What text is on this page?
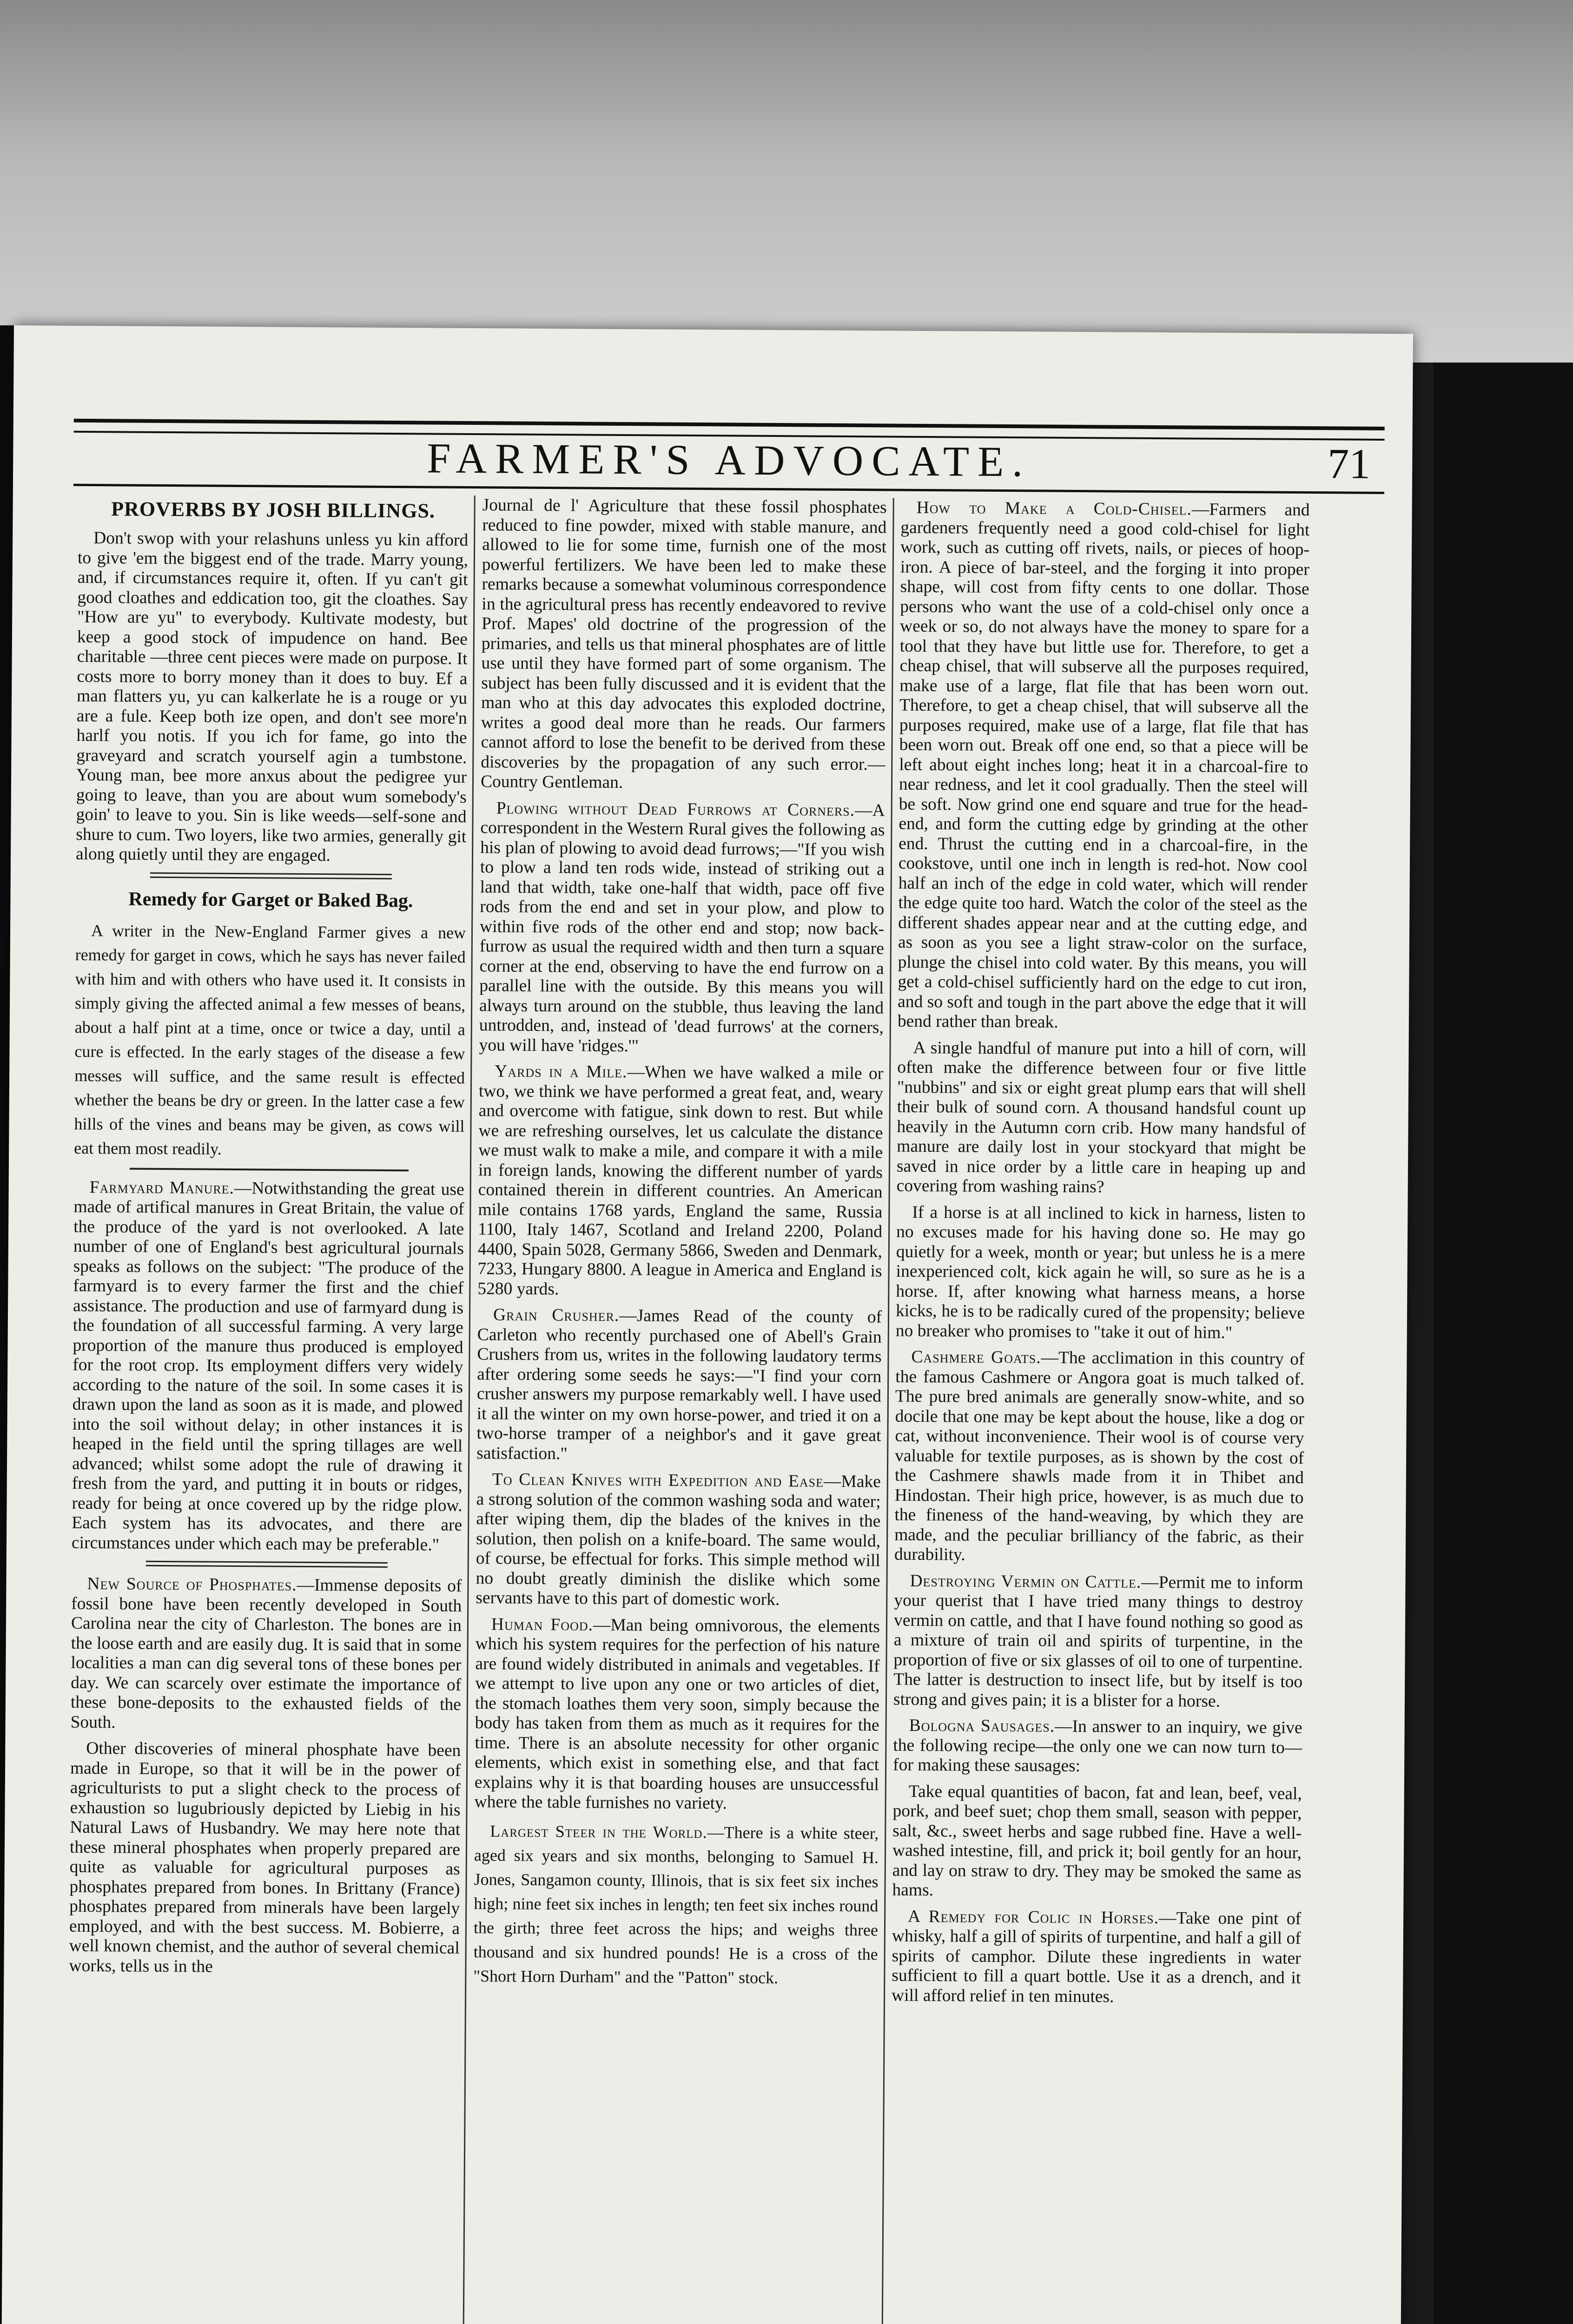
FARMER'S ADVOCATE.	71
PROVERBS BY JOSH BILLINGS.

Don't swop with your relashuns unless yu kin afford to give 'em the biggest end of the trade. Marry young, and, if circumstances require it, often. If yu can't git good cloathes and eddication too, git the cloathes. Say "How are yu" to everybody. Kultivate modesty, but keep a good stock of impudence on hand. Bee charitable —three cent pieces were made on purpose. It costs more to borry money than it does to buy. Ef a man flatters yu, yu can kalkerlate he is a rouge or yu are a fule. Keep both ize open, and don't see more'n harlf you notis. If you ich for fame, go into the graveyard and scratch yourself agin a tumbstone. Young man, bee more anxus about the pedigree yur going to leave, than you are about wum somebody's goin' to leave to you. Sin is like weeds—self-sone and shure to cum. Two loyers, like two armies, generally git along quietly until they are engaged.

Remedy for Garget or Baked Bag.

A writer in the New-England Farmer gives a new remedy for garget in cows, which he says has never failed with him and with others who have used it. It consists in simply giving the affected animal a few messes of beans, about a half pint at a time, once or twice a day, until a cure is effected. In the early stages of the disease a few messes will suffice, and the same result is effected whether the beans be dry or green. In the latter case a few hills of the vines and beans may be given, as cows will eat them most readily.

Farmyard Manure.—Notwithstanding the great use made of artifical manures in Great Britain, the value of the produce of the yard is not overlooked. A late number of one of England's best agricultural journals speaks as follows on the subject: "The produce of the farmyard is to every farmer the first and the chief assistance. The production and use of farmyard dung is the foundation of all successful farming. A very large proportion of the manure thus produced is employed for the root crop. Its employment differs very widely according to the nature of the soil. In some cases it is drawn upon the land as soon as it is made, and plowed into the soil without delay; in other instances it is heaped in the field until the spring tillages are well advanced; whilst some adopt the rule of drawing it fresh from the yard, and putting it in bouts or ridges, ready for being at once covered up by the ridge plow. Each system has its advocates, and there are circumstances under which each may be preferable."

New Source of Phosphates.—Immense deposits of fossil bone have been recently developed in South Carolina near the city of Charleston. The bones are in the loose earth and are easily dug. It is said that in some localities a man can dig several tons of these bones per day. We can scarcely over estimate the importance of these bone-deposits to the exhausted fields of the South.

Other discoveries of mineral phosphate have been made in Europe, so that it will be in the power of agriculturists to put a slight check to the process of exhaustion so lugubriously depicted by Liebig in his Natural Laws of Husbandry. We may here note that these mineral phosphates when properly prepared are quite as valuable for agricultural purposes as phosphates prepared from bones. In Brittany (France) phosphates prepared from minerals have been largely employed, and with the best success. M. Bobierre, a well known chemist, and the author of several chemical works, tells us in the

Journal de l' Agriculture that these fossil phosphates reduced to fine powder, mixed with stable manure, and allowed to lie for some time, furnish one of the most powerful fertilizers. We have been led to make these remarks because a somewhat voluminous correspondence in the agricultural press has recently endeavored to revive Prof. Mapes' old doctrine of the progression of the primaries, and tells us that mineral phosphates are of little use until they have formed part of some organism. The subject has been fully discussed and it is evident that the man who at this day advocates this exploded doctrine, writes a good deal more than he reads. Our farmers cannot afford to lose the benefit to be derived from these discoveries by the propagation of any such error.—Country Gentleman.

Plowing without Dead Furrows at Corners.—A correspondent in the Western Rural gives the following as his plan of plowing to avoid dead furrows;—"If you wish to plow a land ten rods wide, instead of striking out a land that width, take one-half that width, pace off five rods from the end and set in your plow, and plow to within five rods of the other end and stop; now back-furrow as usual the required width and then turn a square corner at the end, observing to have the end furrow on a parallel line with the outside. By this means you will always turn around on the stubble, thus leaving the land untrodden, and, instead of 'dead furrows' at the corners, you will have 'ridges.'"

Yards in a Mile.—When we have walked a mile or two, we think we have performed a great feat, and, weary and overcome with fatigue, sink down to rest. But while we are refreshing ourselves, let us calculate the distance we must walk to make a mile, and compare it with a mile in foreign lands, knowing the different number of yards contained therein in different countries. An American mile contains 1768 yards, England the same, Russia 1100, Italy 1467, Scotland and Ireland 2200, Poland 4400, Spain 5028, Germany 5866, Sweden and Denmark, 7233, Hungary 8800. A league in America and England is 5280 yards.

Grain Crusher.—James Read of the county of Carleton who recently purchased one of Abell's Grain Crushers from us, writes in the following laudatory terms after ordering some seeds he says:—"I find your corn crusher answers my purpose remarkably well. I have used it all the winter on my own horse-power, and tried it on a two-horse tramper of a neighbor's and it gave great satisfaction."

To Clean Knives with Expedition and Ease—Make a strong solution of the common washing soda and water; after wiping them, dip the blades of the knives in the solution, then polish on a knife-board. The same would, of course, be effectual for forks. This simple method will no doubt greatly diminish the dislike which some servants have to this part of domestic work.

Human Food.—Man being omnivorous, the elements which his system requires for the perfection of his nature are found widely distributed in animals and vegetables. If we attempt to live upon any one or two articles of diet, the stomach loathes them very soon, simply because the body has taken from them as much as it requires for the time. There is an absolute necessity for other organic elements, which exist in something else, and that fact explains why it is that boarding houses are unsuccessful where the table furnishes no variety.

Largest Steer in the World.—There is a white steer, aged six years and six months, belonging to Samuel H. Jones, Sangamon county, Illinois, that is six feet six inches high; nine feet six inches in length; ten feet six inches round the girth; three feet across the hips; and weighs three thousand and six hundred pounds! He is a cross of the "Short Horn Durham" and the "Patton" stock.

How to Make a Cold-Chisel.—Farmers and gardeners frequently need a good cold-chisel for light work, such as cutting off rivets, nails, or pieces of hoop-iron. A piece of bar-steel, and the forging it into proper shape, will cost from fifty cents to one dollar. Those persons who want the use of a cold-chisel only once a week or so, do not always have the money to spare for a tool that they have but little use for. Therefore, to get a cheap chisel, that will subserve all the purposes required, make use of a large, flat file that has been worn out. Therefore, to get a cheap chisel, that will subserve all the purposes required, make use of a large, flat file that has been worn out. Break off one end, so that a piece will be left about eight inches long; heat it in a charcoal-fire to near redness, and let it cool gradually. Then the steel will be soft. Now grind one end square and true for the head-end, and form the cutting edge by grinding at the other end. Thrust the cutting end in a charcoal-fire, in the cookstove, until one inch in length is red-hot. Now cool half an inch of the edge in cold water, which will render the edge quite too hard. Watch the color of the steel as the different shades appear near and at the cutting edge, and as soon as you see a light straw-color on the surface, plunge the chisel into cold water. By this means, you will get a cold-chisel sufficiently hard on the edge to cut iron, and so soft and tough in the part above the edge that it will bend rather than break.

A single handful of manure put into a hill of corn, will often make the difference between four or five little "nubbins" and six or eight great plump ears that will shell their bulk of sound corn. A thousand handsful count up heavily in the Autumn corn crib. How many handsful of manure are daily lost in your stockyard that might be saved in nice order by a little care in heaping up and covering from washing rains?

If a horse is at all inclined to kick in harness, listen to no excuses made for his having done so. He may go quietly for a week, month or year; but unless he is a mere inexperienced colt, kick again he will, so sure as he is a horse. If, after knowing what harness means, a horse kicks, he is to be radically cured of the propensity; believe no breaker who promises to "take it out of him."

Cashmere Goats.—The acclimation in this country of the famous Cashmere or Angora goat is much talked of. The pure bred animals are generally snow-white, and so docile that one may be kept about the house, like a dog or cat, without inconvenience. Their wool is of course very valuable for textile purposes, as is shown by the cost of the Cashmere shawls made from it in Thibet and Hindostan. Their high price, however, is as much due to the fineness of the hand-weaving, by which they are made, and the peculiar brilliancy of the fabric, as their durability.

Destroying Vermin on Cattle.—Permit me to inform your querist that I have tried many things to destroy vermin on cattle, and that I have found nothing so good as a mixture of train oil and spirits of turpentine, in the proportion of five or six glasses of oil to one of turpentine. The latter is destruction to insect life, but by itself is too strong and gives pain; it is a blister for a horse.

Bologna Sausages.—In answer to an inquiry, we give the following recipe—the only one we can now turn to—for making these sausages:

Take equal quantities of bacon, fat and lean, beef, veal, pork, and beef suet; chop them small, season with pepper, salt, &c., sweet herbs and sage rubbed fine. Have a well-washed intestine, fill, and prick it; boil gently for an hour, and lay on straw to dry. They may be smoked the same as hams.

A Remedy for Colic in Horses.—Take one pint of whisky, half a gill of spirits of turpentine, and half a gill of spirits of camphor. Dilute these ingredients in water sufficient to fill a quart bottle. Use it as a drench, and it will afford relief in ten minutes.
